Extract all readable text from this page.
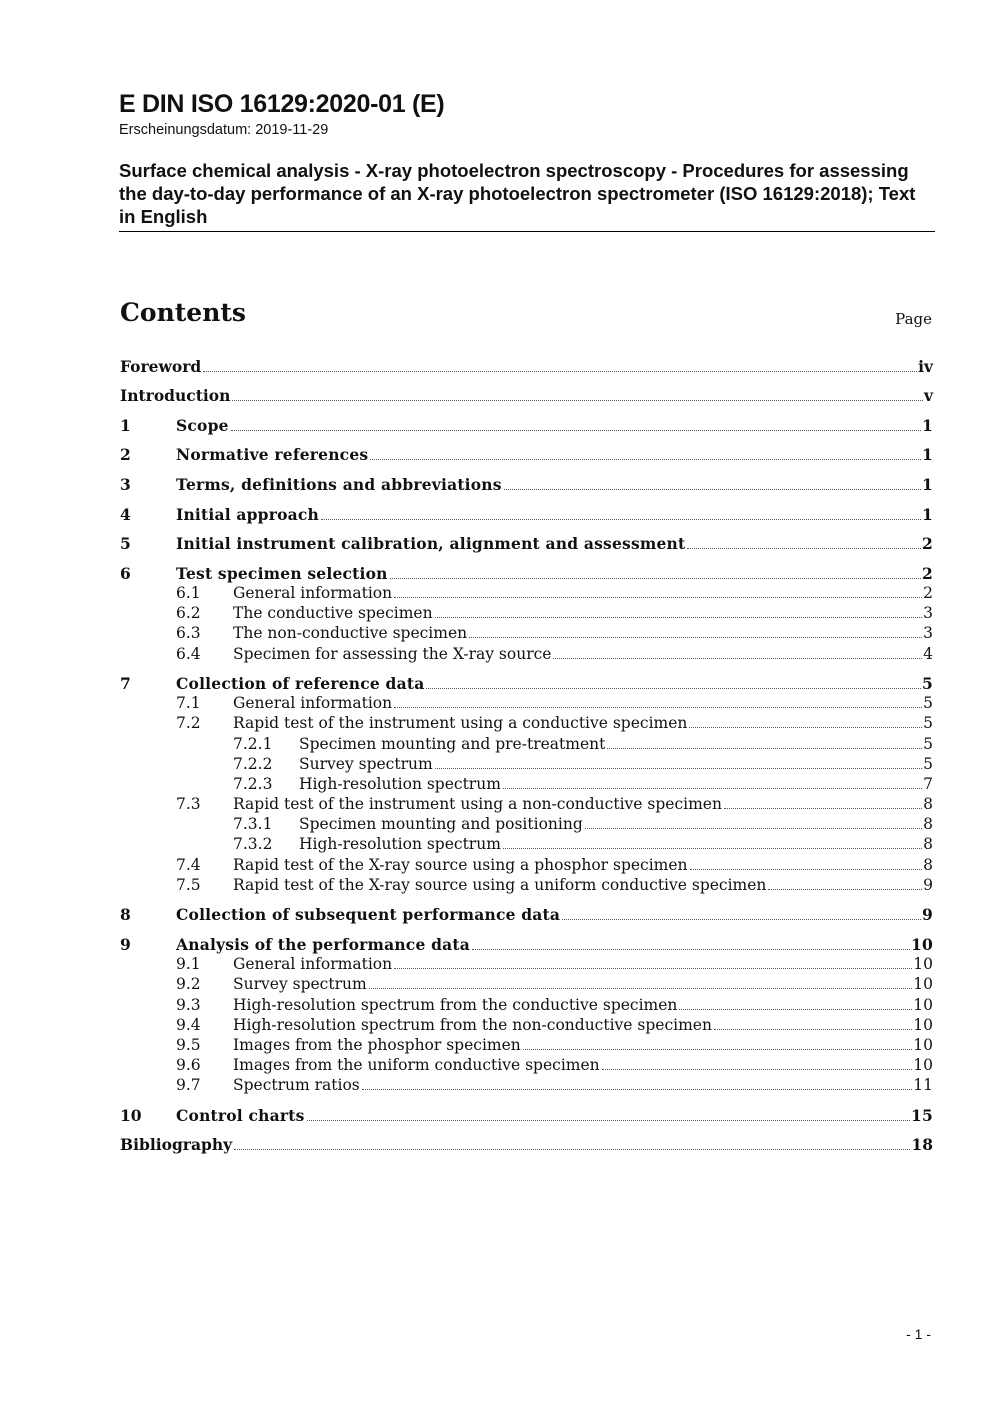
E DIN ISO 16129:2020-01 (E)
Erscheinungsdatum: 2019-11-29
Surface chemical analysis - X-ray photoelectron spectroscopy - Procedures for assessing the day-to-day performance of an X-ray photoelectron spectrometer (ISO 16129:2018); Text in English
Contents	Page
Foreword	iv
Introduction	v
1	Scope	1
2	Normative references	1
3	Terms, definitions and abbreviations	1
4	Initial approach	1
5	Initial instrument calibration, alignment and assessment	2
6	Test specimen selection	2
6.1 General information	2
6.2 The conductive specimen	3
6.3 The non-conductive specimen	3
6.4 Specimen for assessing the X-ray source	4
7	Collection of reference data	5
7.1 General information	5
7.2 Rapid test of the instrument using a conductive specimen	5
7.2.1 Specimen mounting and pre-treatment	5
7.2.2 Survey spectrum	5
7.2.3 High-resolution spectrum	7
7.3 Rapid test of the instrument using a non-conductive specimen	8
7.3.1 Specimen mounting and positioning	8
7.3.2 High-resolution spectrum	8
7.4 Rapid test of the X-ray source using a phosphor specimen	8
7.5 Rapid test of the X-ray source using a uniform conductive specimen	9
8	Collection of subsequent performance data	9
9	Analysis of the performance data	10
9.1 General information	10
9.2 Survey spectrum	10
9.3 High-resolution spectrum from the conductive specimen	10
9.4 High-resolution spectrum from the non-conductive specimen	10
9.5 Images from the phosphor specimen	10
9.6 Images from the uniform conductive specimen	10
9.7 Spectrum ratios	11
10 Control charts	15
Bibliography	18
- 1 -
